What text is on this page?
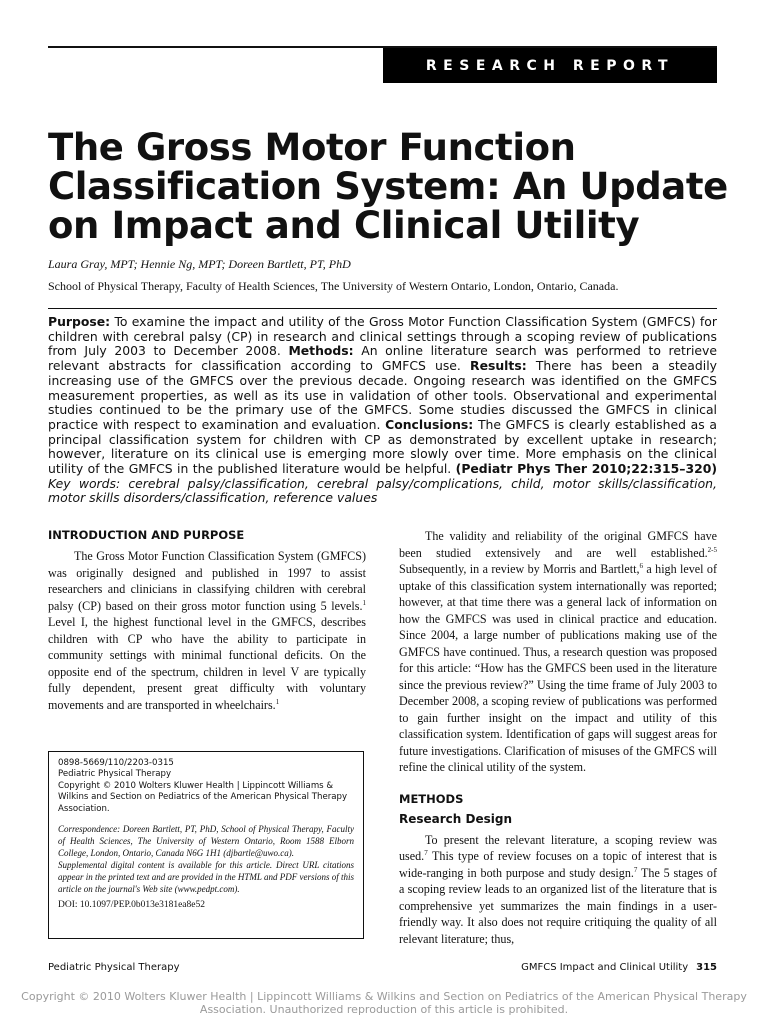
RESEARCH REPORT
The Gross Motor Function Classification System: An Update on Impact and Clinical Utility
Laura Gray, MPT; Hennie Ng, MPT; Doreen Bartlett, PT, PhD
School of Physical Therapy, Faculty of Health Sciences, The University of Western Ontario, London, Ontario, Canada.

Purpose: To examine the impact and utility of the Gross Motor Function Classification System (GMFCS) for children with cerebral palsy (CP) in research and clinical settings through a scoping review of publications from July 2003 to December 2008. Methods: An online literature search was performed to retrieve relevant abstracts for classification according to GMFCS use. Results: There has been a steadily increasing use of the GMFCS over the previous decade. Ongoing research was identified on the GMFCS measurement properties, as well as its use in validation of other tools. Observational and experimental studies continued to be the primary use of the GMFCS. Some studies discussed the GMFCS in clinical practice with respect to examination and evaluation. Conclusions: The GMFCS is clearly established as a principal classification system for children with CP as demonstrated by excellent uptake in research; however, literature on its clinical use is emerging more slowly over time. More emphasis on the clinical utility of the GMFCS in the published literature would be helpful. (Pediatr Phys Ther 2010;22:315–320) Key words: cerebral palsy/classification, cerebral palsy/complications, child, motor skills/classification, motor skills disorders/classification, reference values

INTRODUCTION AND PURPOSE

The Gross Motor Function Classification System (GMFCS) was originally designed and published in 1997 to assist researchers and clinicians in classifying children with cerebral palsy (CP) based on their gross motor function using 5 levels.$^1$ Level I, the highest functional level in the GMFCS, describes children with CP who have the ability to participate in community settings with minimal functional deficits. On the opposite end of the spectrum, children in level V are typically fully dependent, present great difficulty with voluntary movements and are transported in wheelchairs.$^1$

0898-5669/110/2203-0315
Pediatric Physical Therapy
Copyright © 2010 Wolters Kluwer Health | Lippincott Williams &
Wilkins and Section on Pediatrics of the American Physical Therapy
Association.

Correspondence: Doreen Bartlett, PT, PhD, School of Physical Therapy, Faculty of Health Sciences, The University of Western Ontario, Room 1588 Elborn College, London, Ontario, Canada N6G 1H1 (djbartle@uwo.ca).

Supplemental digital content is available for this article. Direct URL citations appear in the printed text and are provided in the HTML and PDF versions of this article on the journal's Web site (www.pedpt.com).

DOI: 10.1097/PEP.0b013e3181ea8e52

The validity and reliability of the original GMFCS have been studied extensively and are well established.$^{2-5}$ Subsequently, in a review by Morris and Bartlett,$^6$ a high level of uptake of this classification system internationally was reported; however, at that time there was a general lack of information on how the GMFCS was used in clinical practice and education. Since 2004, a large number of publications making use of the GMFCS have continued. Thus, a research question was proposed for this article: “How has the GMFCS been used in the literature since the previous review?” Using the time frame of July 2003 to December 2008, a scoping review of publications was performed to gain further insight on the impact and utility of this classification system. Identification of gaps will suggest areas for future investigations. Clarification of misuses of the GMFCS will refine the clinical utility of the system.

METHODS
Research Design

To present the relevant literature, a scoping review was used.$^7$ This type of review focuses on a topic of interest that is wide-ranging in both purpose and study design.$^7$ The 5 stages of a scoping review leads to an organized list of the literature that is comprehensive yet summarizes the main findings in a user-friendly way. It also does not require critiquing the quality of all relevant literature; thus,

Pediatric Physical Therapy	GMFCS Impact and Clinical Utility 315
Copyright © 2010 Wolters Kluwer Health | Lippincott Williams & Wilkins and Section on Pediatrics of the American Physical Therapy
Association. Unauthorized reproduction of this article is prohibited.
